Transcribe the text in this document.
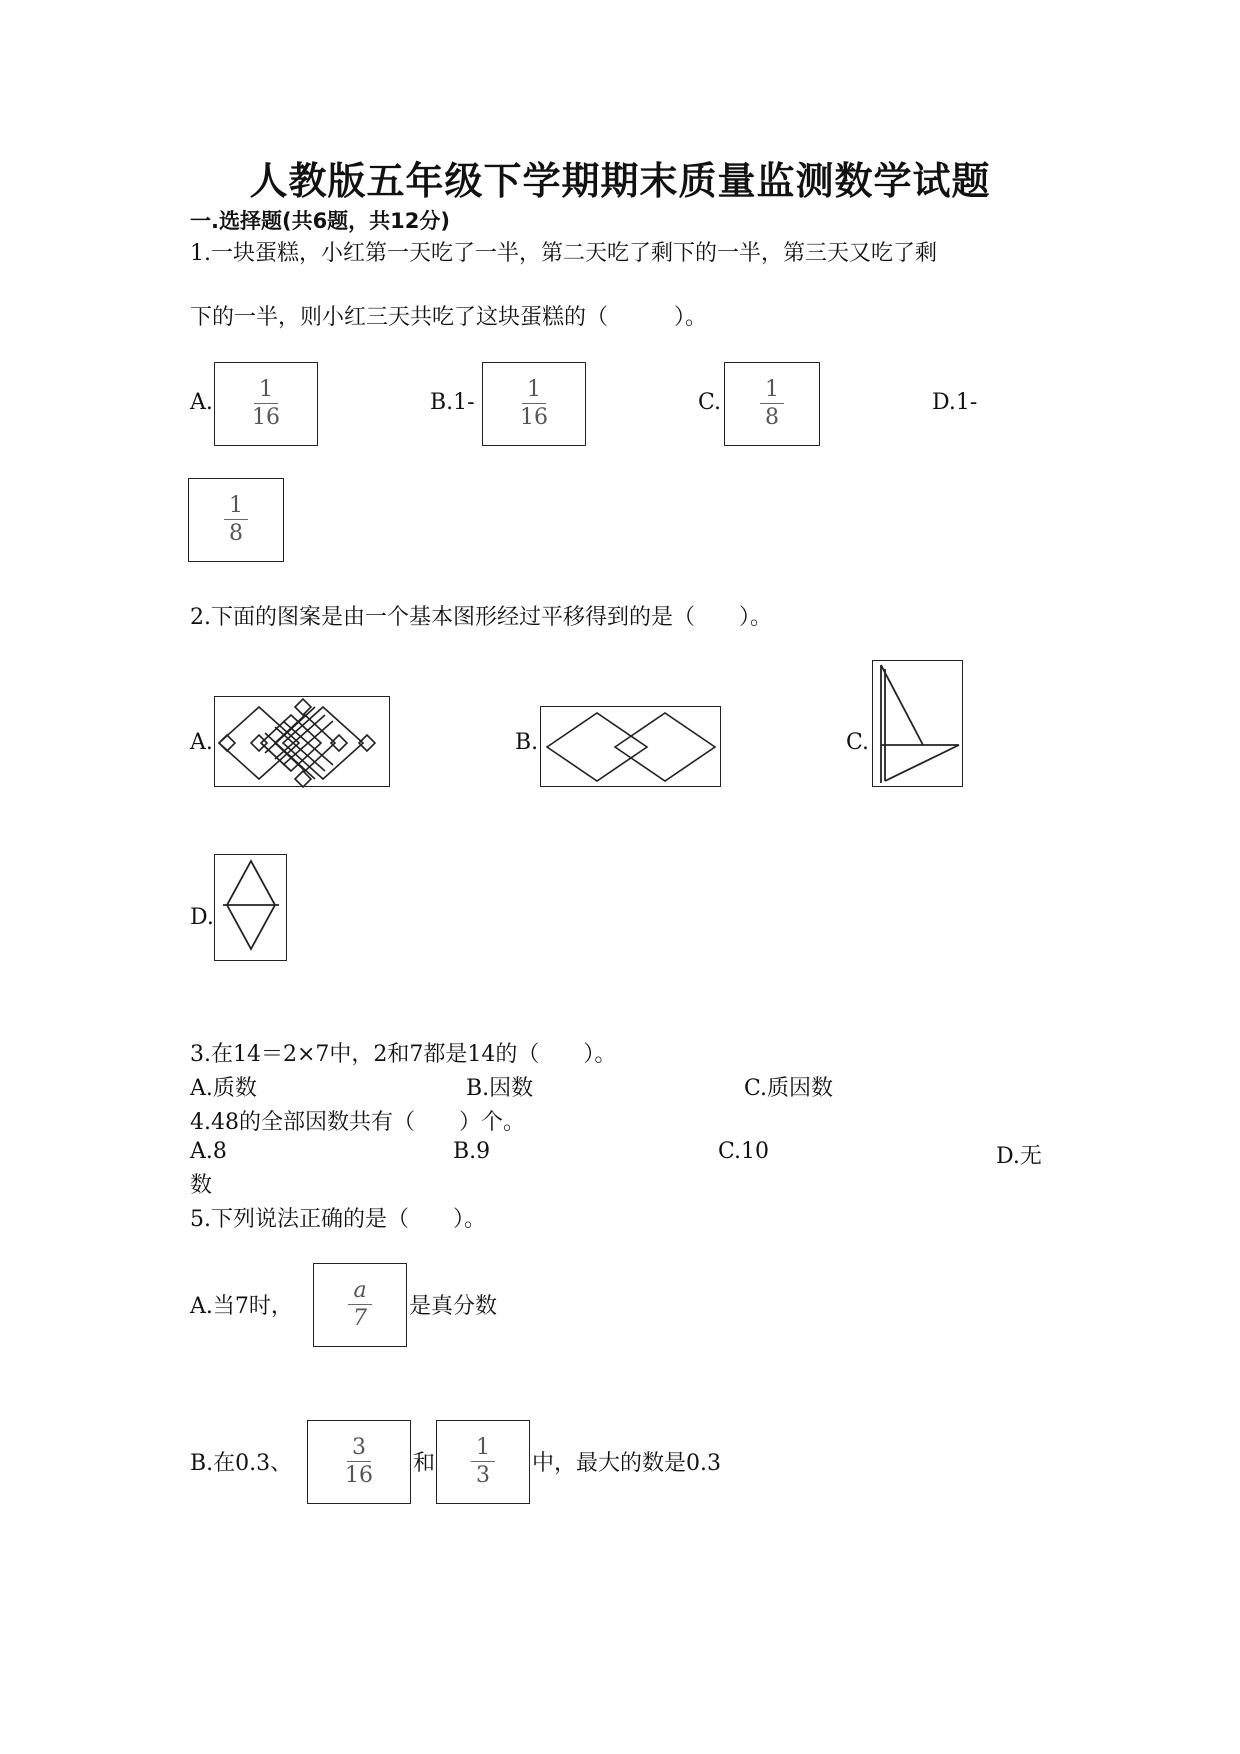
人教版五年级下学期期末质量监测数学试题
一.选择题(共6题，共12分)
1.一块蛋糕，小红第一天吃了一半，第二天吃了剩下的一半，第三天又吃了剩
下的一半，则小红三天共吃了这块蛋糕的（　　　）。
A.
1
16
B.1-
1
16
C.
1
8
D.1-
1
8
2.下面的图案是由一个基本图形经过平移得到的是（　　）。
A.	B.	C.
D.
3.在14＝2×7中，2和7都是14的（　　）。
A.质数	B.因数	C.质因数
4.48的全部因数共有（　　）个。
A.8	B.9	C.10	D.无
数
5.下列说法正确的是（　　）。
A.当7时，
a
7 是真分数
B.在0.3、
3
16 和
1
3 中，最大的数是0.3
